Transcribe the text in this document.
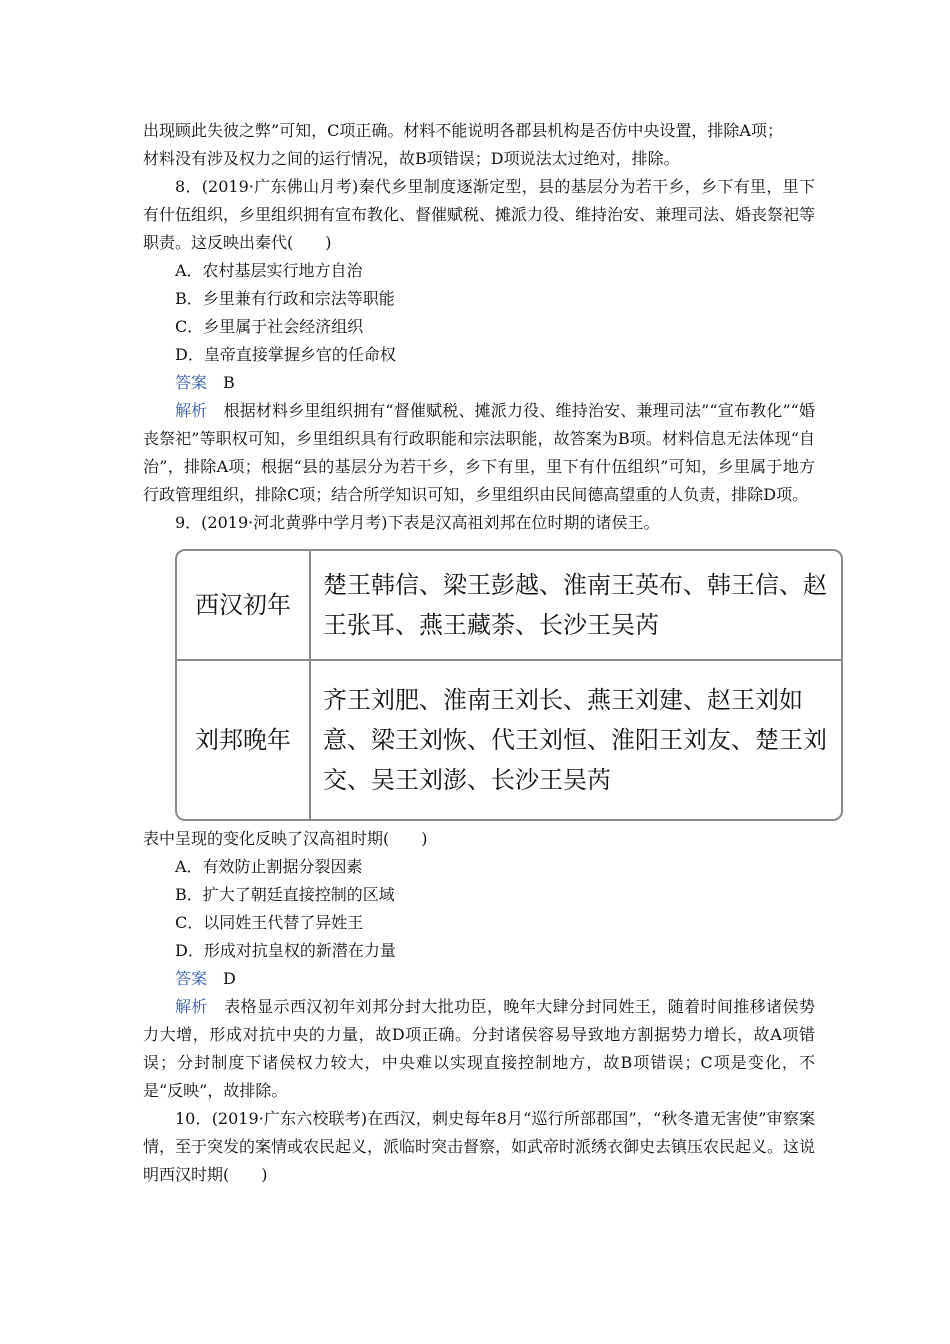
出现顾此失彼之弊”可知，C项正确。材料不能说明各郡县机构是否仿中央设置，排除A项；

材料没有涉及权力之间的运行情况，故B项错误；D项说法太过绝对，排除。

8．(2019·广东佛山月考)秦代乡里制度逐渐定型，县的基层分为若干乡，乡下有里，里下有什伍组织，乡里组织拥有宣布教化、督催赋税、摊派力役、维持治安、兼理司法、婚丧祭祀等职责。这反映出秦代(　　)

A．农村基层实行地方自治

B．乡里兼有行政和宗法等职能

C．乡里属于社会经济组织

D．皇帝直接掌握乡官的任命权

答案　 B

解析　 根据材料乡里组织拥有“督催赋税、摊派力役、维持治安、兼理司法”“宣布教化”“婚丧祭祀”等职权可知，乡里组织具有行政职能和宗法职能，故答案为B项。材料信息无法体现“自治”，排除A项；根据“县的基层分为若干乡，乡下有里，里下有什伍组织”可知，乡里属于地方行政管理组织，排除C项；结合所学知识可知，乡里组织由民间德高望重的人负责，排除D项。

9．(2019·河北黄骅中学月考)下表是汉高祖刘邦在位时期的诸侯王。

西汉初年	楚王韩信、梁王彭越、淮南王英布、韩王信、赵王张耳、燕王藏荼、长沙王吴芮
刘邦晚年	齐王刘肥、淮南王刘长、燕王刘建、赵王刘如意、梁王刘恢、代王刘恒、淮阳王刘友、楚王刘交、吴王刘澎、长沙王吴芮

表中呈现的变化反映了汉高祖时期(　　)

A．有效防止割据分裂因素

B．扩大了朝廷直接控制的区域

C．以同姓王代替了异姓王

D．形成对抗皇权的新潜在力量

答案　 D

解析　 表格显示西汉初年刘邦分封大批功臣，晚年大肆分封同姓王，随着时间推移诸侯势力大增，形成对抗中央的力量，故D项正确。分封诸侯容易导致地方割据势力增长，故A项错误；分封制度下诸侯权力较大，中央难以实现直接控制地方，故B项错误；C项是变化，不是“反映”，故排除。

10．(2019·广东六校联考)在西汉，刺史每年8月“巡行所部郡国”，“秋冬遣无害使”审察案情，至于突发的案情或农民起义，派临时突击督察，如武帝时派绣衣御史去镇压农民起义。这说明西汉时期(　　)
